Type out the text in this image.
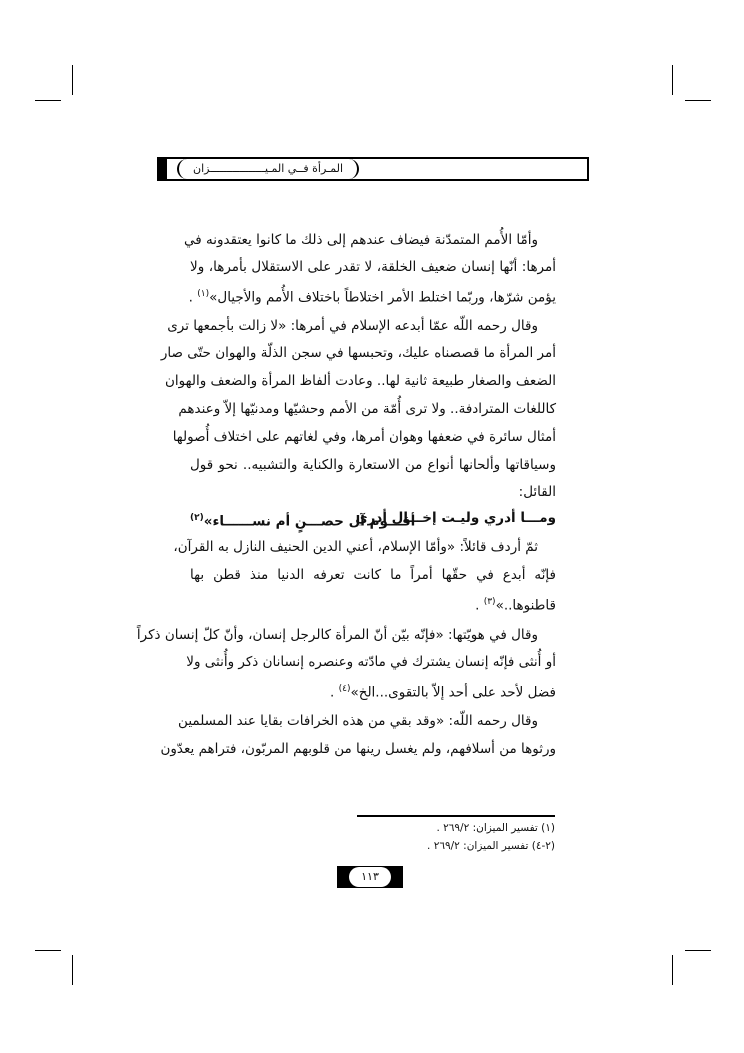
المـرأة فــي المـيـــــــــــــــــزان
وأمّا الأُمم المتمدّنة فيضاف عندهم إلى ذلك ما كانوا يعتقدونه في
أمرها: أنّها إنسان ضعيف الخلقة، لا تقدر على الاستقلال بأمرها، ولا
يؤمن شرّها، وربّما اختلط الأمر اختلاطاً باختلاف الأُمم والأجيال»$^{(١)}$ .
وقال رحمه اللّه عمّا أبدعه الإسلام في أمرها: «لا زالت بأجمعها ترى
أمر المرأة ما قصصناه عليك، وتحبسها في سجن الذلّة والهوان حتّى صار
الضعف والصغار طبيعة ثانية لها.. وعادت ألفاظ المرأة والضعف والهوان
كاللغات المترادفة.. ولا ترى أُمّة من الأمم وحشيّها ومدنيّها إلاّ وعندهم
أمثال سائرة في ضعفها وهوان أمرها، وفي لغاتهم على اختلاف أُصولها
وسياقاتها وألحانها أنواع من الاستعارة والكناية والتشبيه.. نحو قول
القائل:
ومـــا أدري وليـت إخـــال أدري
أقـــوم آل حصـــنٍ أم نســــــاء»$^{(٢)}$
ثمّ أردف قائلاً: «وأمّا الإسلام، أعني الدين الحنيف النازل به القرآن،
فإنّه أبدع في حقّها أمراً ما كانت تعرفه الدنيا منذ قطن بها
قاطنوها..»$^{(٣)}$ .
وقال في هويّتها: «فإنّه بيّن أنّ المرأة كالرجل إنسان، وأنّ كلّ إنسان ذكراً
أو أُنثى فإنّه إنسان يشترك في مادّته وعنصره إنسانان ذكر وأُنثى ولا
فضل لأحد على أحد إلاّ بالتقوى...الخ»$^{(٤)}$ .
وقال رحمه اللّه: «وقد بقي من هذه الخرافات بقايا عند المسلمين
ورثوها من أسلافهم، ولم يغسل رينها من قلوبهم المربّون، فتراهم يعدّون
(١) تفسير الميزان: ٢٦٩/٢ .
(٢-٤) تفسير الميزان: ٢٦٩/٢ .
١١٣
